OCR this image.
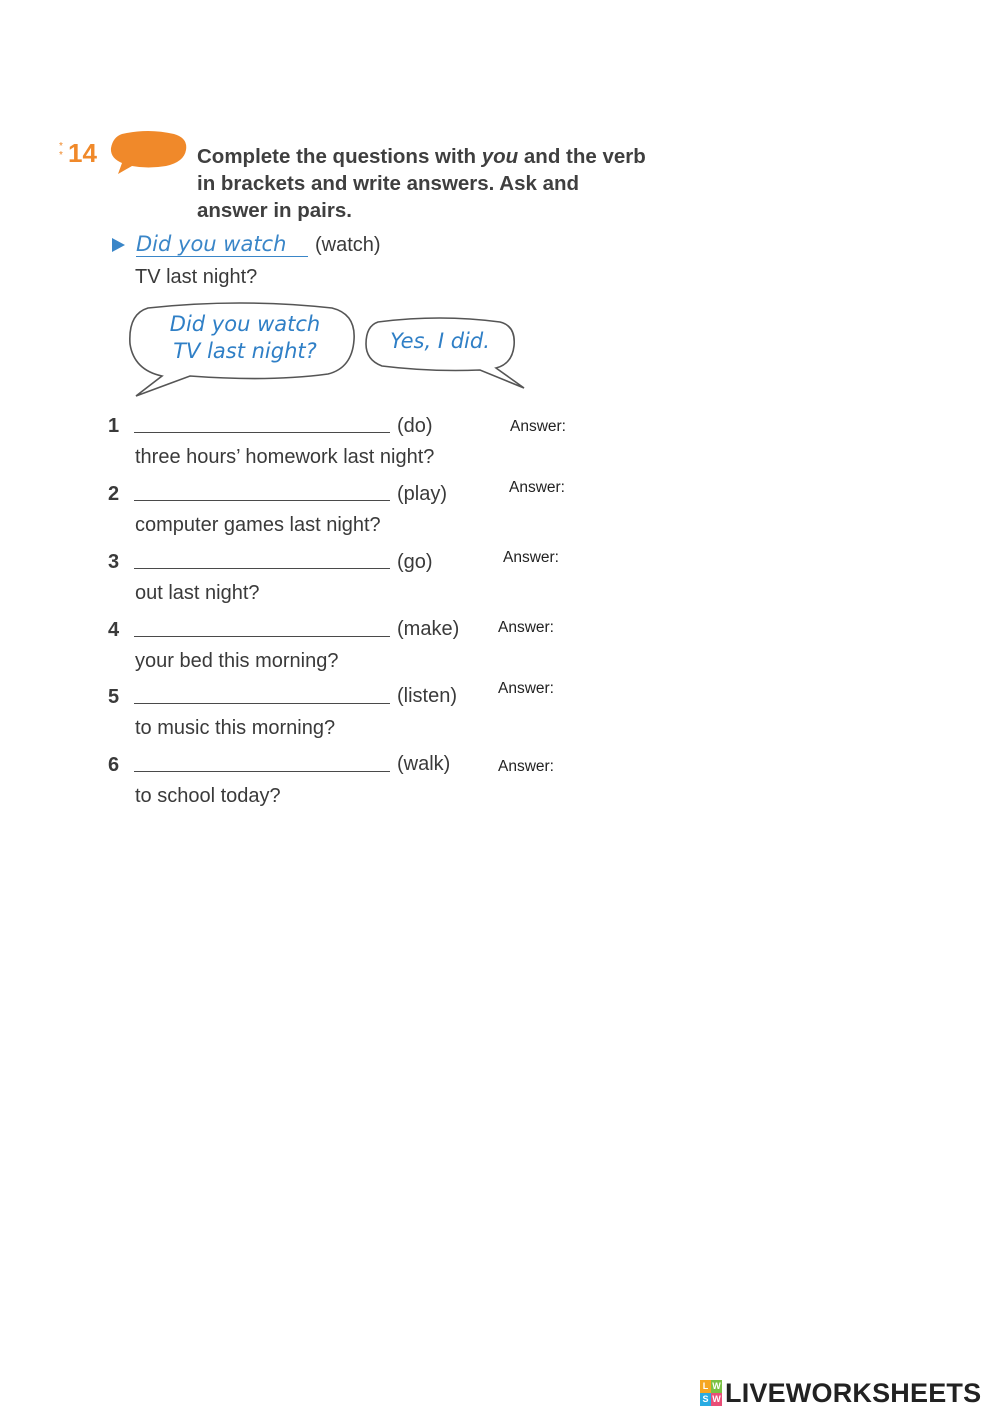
*
* 14	Complete the questions with you and the verb in brackets and write answers. Ask and answer in pairs.
Did you watch	(watch)
TV last night?
Did you watch
TV last night?	Yes, I did.
1	(do)
three hours’ homework last night?
Answer:
2	(play)
computer games last night?
Answer:
3	(go)
out last night?
Answer:
4	(make)
your bed this morning?
Answer:
5	(listen)
to music this morning?
Answer:
6	(walk)
to school today?
Answer:
L W
S W LIVEWORKSHEETS
